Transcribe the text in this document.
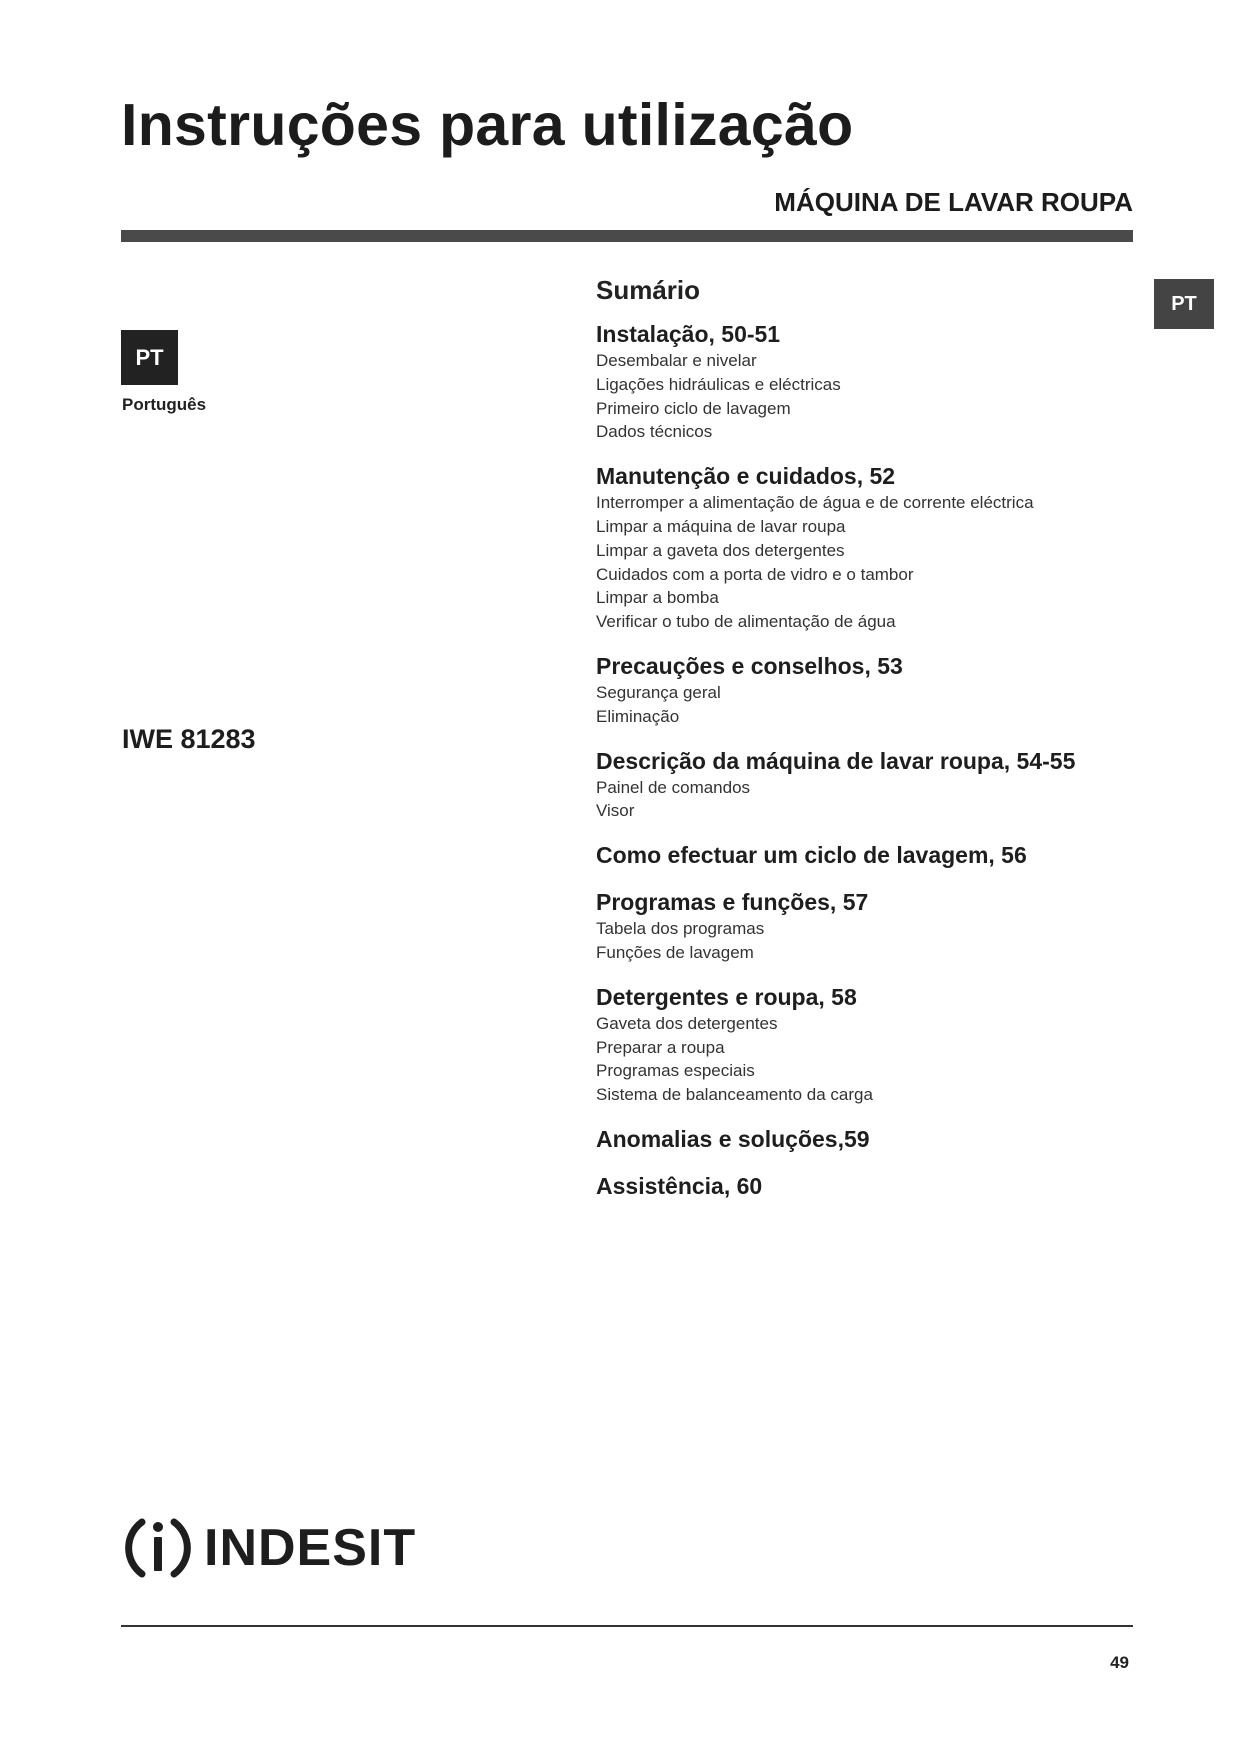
Instruções para utilização
MÁQUINA DE LAVAR ROUPA
PT
PT
Português
IWE 81283
Sumário
Instalação, 50-51
Desembalar e nivelar
Ligações hidráulicas e eléctricas
Primeiro ciclo de lavagem
Dados técnicos
Manutenção e cuidados, 52
Interromper a alimentação de água e de corrente eléctrica
Limpar a máquina de lavar roupa
Limpar a gaveta dos detergentes
Cuidados com a porta de vidro e o tambor
Limpar a bomba
Verificar o tubo de alimentação de água
Precauções e conselhos, 53
Segurança geral
Eliminação
Descrição da máquina de lavar roupa, 54-55
Painel de comandos
Visor
Como efectuar um ciclo de lavagem, 56
Programas e funções, 57
Tabela dos programas
Funções de lavagem
Detergentes e roupa, 58
Gaveta dos detergentes
Preparar a roupa
Programas especiais
Sistema de balanceamento da carga
Anomalias e soluções,59
Assistência, 60
INDESIT
49
